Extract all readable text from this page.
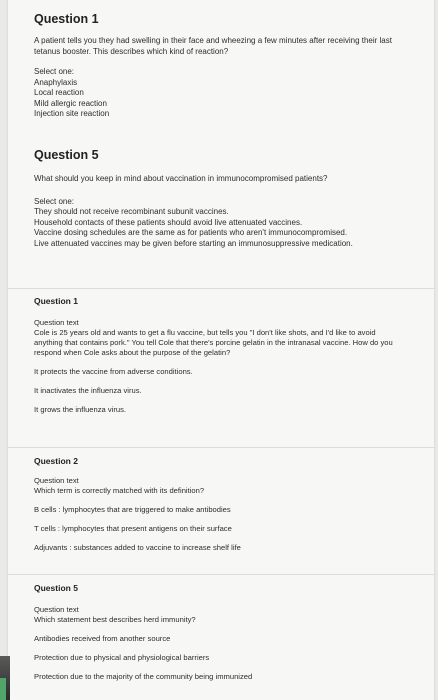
Question 1

A patient tells you they had swelling in their face and wheezing a few minutes after receiving their last tetanus booster. This describes which kind of reaction?

Select one:

Anaphylaxis

Local reaction

Mild allergic reaction

Injection site reaction

Question 5

What should you keep in mind about vaccination in immunocompromised patients?

Select one:

They should not receive recombinant subunit vaccines.

Household contacts of these patients should avoid live attenuated vaccines.

Vaccine dosing schedules are the same as for patients who aren't immunocompromised.

Live attenuated vaccines may be given before starting an immunosuppressive medication.

Question 1

Question text

Cole is 25 years old and wants to get a flu vaccine, but tells you "I don't like shots, and I'd like to avoid anything that contains pork." You tell Cole that there's porcine gelatin in the intranasal vaccine. How do you respond when Cole asks about the purpose of the gelatin?

It protects the vaccine from adverse conditions.

It inactivates the influenza virus.

It grows the influenza virus.

Question 2

Question text

Which term is correctly matched with its definition?

B cells : lymphocytes that are triggered to make antibodies

T cells : lymphocytes that present antigens on their surface

Adjuvants : substances added to vaccine to increase shelf life

Question 5

Question text

Which statement best describes herd immunity?

Antibodies received from another source

Protection due to physical and physiological barriers

Protection due to the majority of the community being immunized
